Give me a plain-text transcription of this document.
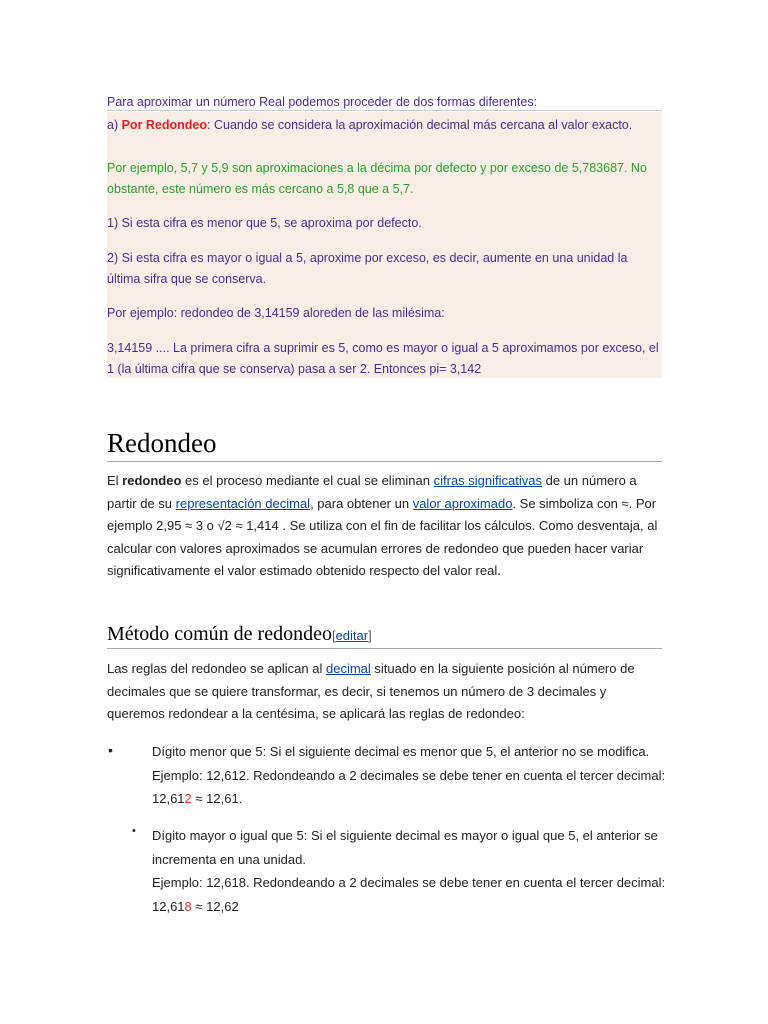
Para aproximar un número Real podemos proceder de dos formas diferentes:
a) Por Redondeo: Cuando se considera la aproximación decimal más cercana al valor exacto.
Por ejemplo, 5,7 y 5,9 son aproximaciones a la décima por defecto y por exceso de 5,783687. No obstante, este número es más cercano a 5,8 que a 5,7.
1) Si esta cifra es menor que 5, se aproxima por defecto.
2) Si esta cifra es mayor o igual a 5, aproxime por exceso, es decir, aumente en una unidad la última sifra que se conserva.
Por ejemplo: redondeo de 3,14159 aloreden de las milésima:
3,14159 .... La primera cifra a suprimir es 5, como es mayor o igual a 5 aproximamos por exceso, el 1 (la última cifra que se conserva) pasa a ser 2. Entonces pi= 3,142
Redondeo
El redondeo es el proceso mediante el cual se eliminan cifras significativas de un número a partir de su representación decimal, para obtener un valor aproximado. Se simboliza con ≈. Por ejemplo 2,95 ≈ 3 o √2 ≈ 1,414 . Se utiliza con el fin de facilitar los cálculos. Como desventaja, al calcular con valores aproximados se acumulan errores de redondeo que pueden hacer variar significativamente el valor estimado obtenido respecto del valor real.
Método común de redondeo[editar]
Las reglas del redondeo se aplican al decimal situado en la siguiente posición al número de decimales que se quiere transformar, es decir, si tenemos un número de 3 decimales y queremos redondear a la centésima, se aplicará las reglas de redondeo:
•	Dígito menor que 5: Si el siguiente decimal es menor que 5, el anterior no se modifica.
Ejemplo: 12,612. Redondeando a 2 decimales se debe tener en cuenta el tercer decimal: 12,612 ≈ 12,61.
• Dígito mayor o igual que 5: Si el siguiente decimal es mayor o igual que 5, el anterior se incrementa en una unidad.
Ejemplo: 12,618. Redondeando a 2 decimales se debe tener en cuenta el tercer decimal: 12,618 ≈ 12,62
